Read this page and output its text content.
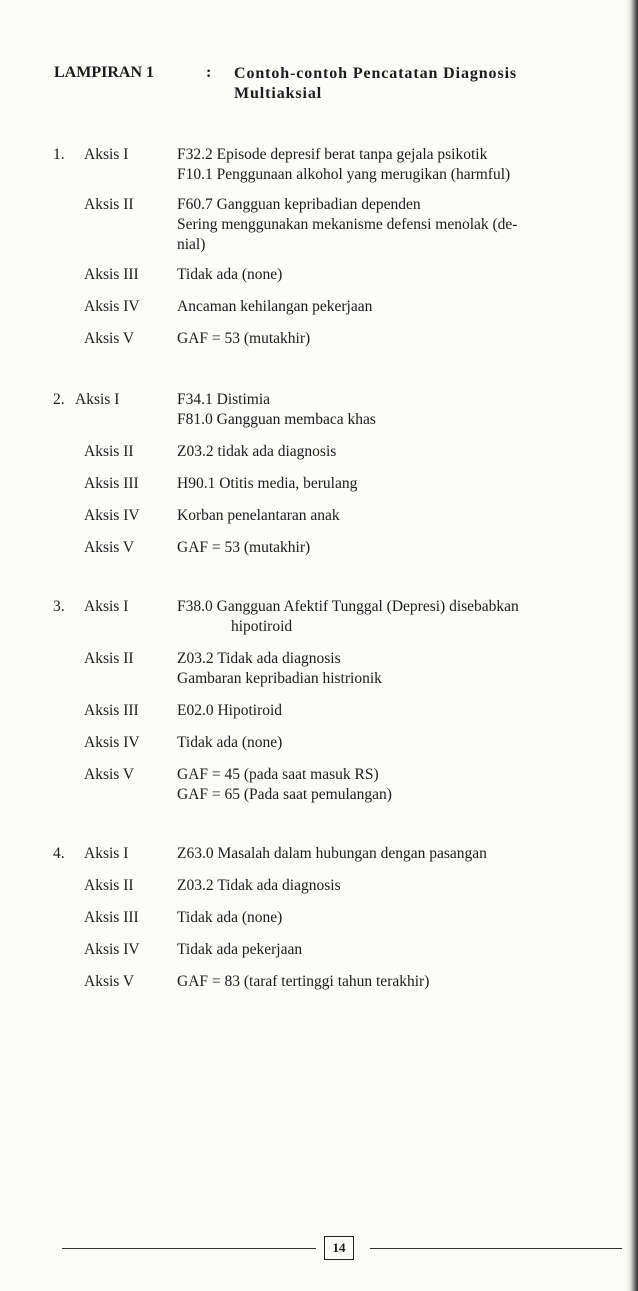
LAMPIRAN 1	: Contoh-contoh Pencatatan Diagnosis
Multiaksial
1. Aksis I	F32.2 Episode depresif berat tanpa gejala psikotik
F10.1 Penggunaan alkohol yang merugikan (harmful)
Aksis II	F60.7 Gangguan kepribadian dependen
Sering menggunakan mekanisme defensi menolak (de-
nial)
Aksis III Tidak ada (none)
Aksis IV Ancaman kehilangan pekerjaan
Aksis V	GAF = 53 (mutakhir)
2. Aksis I	F34.1 Distimia
F81.0 Gangguan membaca khas
Aksis II	Z03.2 tidak ada diagnosis
Aksis III H90.1 Otitis media, berulang
Aksis IV Korban penelantaran anak
Aksis V	GAF = 53 (mutakhir)
3. Aksis I	F38.0 Gangguan Afektif Tunggal (Depresi) disebabkan
hipotiroid
Aksis II	Z03.2 Tidak ada diagnosis
Gambaran kepribadian histrionik
Aksis III E02.0 Hipotiroid
Aksis IV Tidak ada (none)
Aksis V	GAF = 45 (pada saat masuk RS)
GAF = 65 (Pada saat pemulangan)
4. Aksis I	Z63.0 Masalah dalam hubungan dengan pasangan
Aksis II	Z03.2 Tidak ada diagnosis
Aksis III Tidak ada (none)
Aksis IV Tidak ada pekerjaan
Aksis V	GAF = 83 (taraf tertinggi tahun terakhir)
14
